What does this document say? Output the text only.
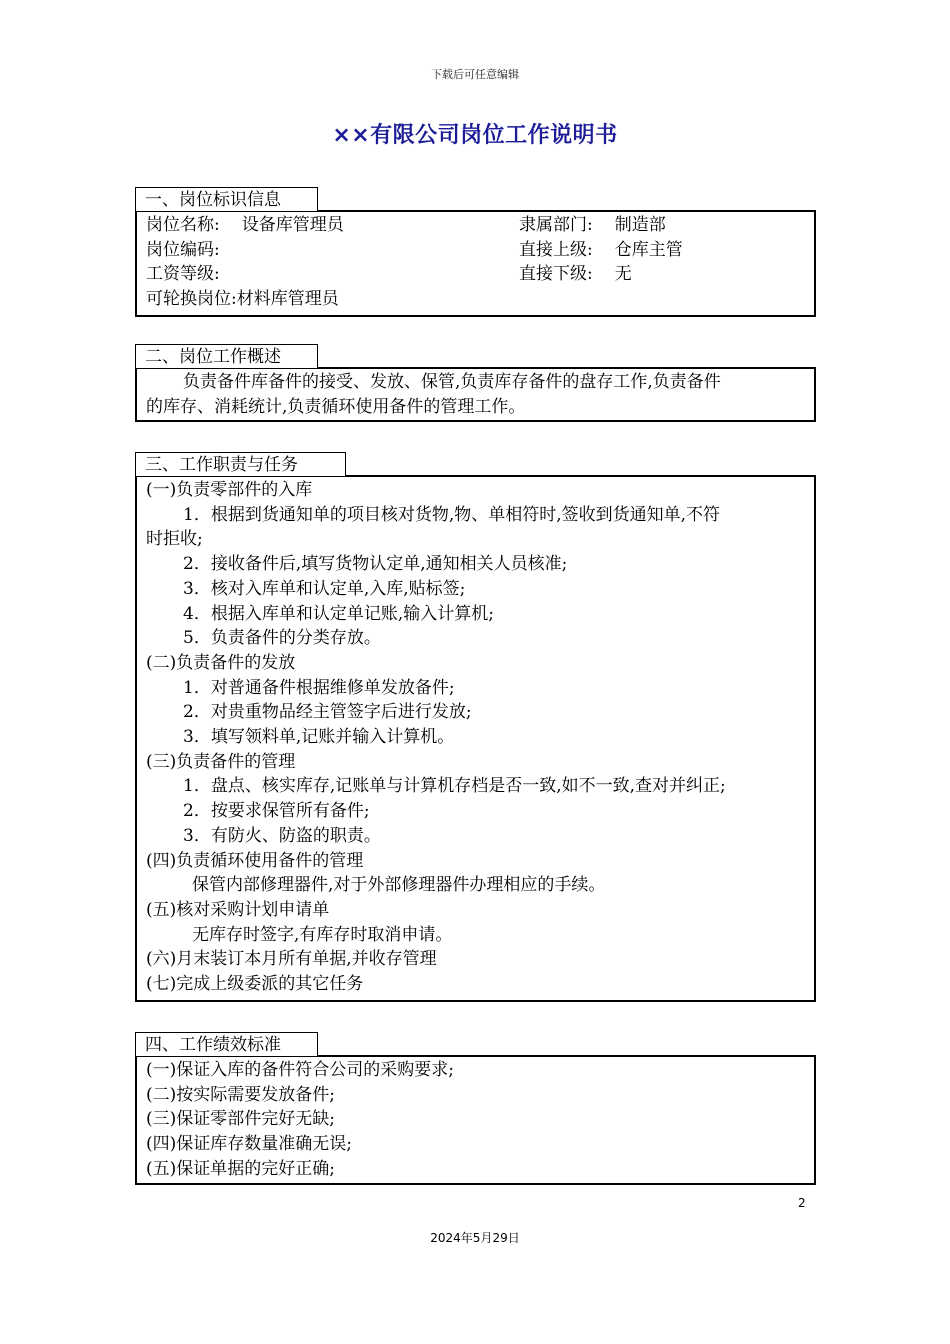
下载后可任意编辑
××有限公司岗位工作说明书
一、岗位标识信息
岗位名称: 设备库管理员	隶属部门: 制造部
岗位编码:	直接上级: 仓库主管
工资等级:	直接下级: 无
可轮换岗位:材料库管理员
二、岗位工作概述
负责备件库备件的接受、发放、保管,负责库存备件的盘存工作,负责备件
的库存、消耗统计,负责循环使用备件的管理工作。
三、工作职责与任务
(一)负责零部件的入库
1．根据到货通知单的项目核对货物,物、单相符时,签收到货通知单,不符
时拒收;
2．接收备件后,填写货物认定单,通知相关人员核准;
3．核对入库单和认定单,入库,贴标签;
4．根据入库单和认定单记账,输入计算机;
5．负责备件的分类存放。
(二)负责备件的发放
1．对普通备件根据维修单发放备件;
2．对贵重物品经主管签字后进行发放;
3．填写领料单,记账并输入计算机。
(三)负责备件的管理
1．盘点、核实库存,记账单与计算机存档是否一致,如不一致,查对并纠正;
2．按要求保管所有备件;
3．有防火、防盗的职责。
(四)负责循环使用备件的管理
保管内部修理器件,对于外部修理器件办理相应的手续。
(五)核对采购计划申请单
无库存时签字,有库存时取消申请。
(六)月末装订本月所有单据,并收存管理
(七)完成上级委派的其它任务
四、工作绩效标准
(一)保证入库的备件符合公司的采购要求;
(二)按实际需要发放备件;
(三)保证零部件完好无缺;
(四)保证库存数量准确无误;
(五)保证单据的完好正确;
2
2024年5月29日
